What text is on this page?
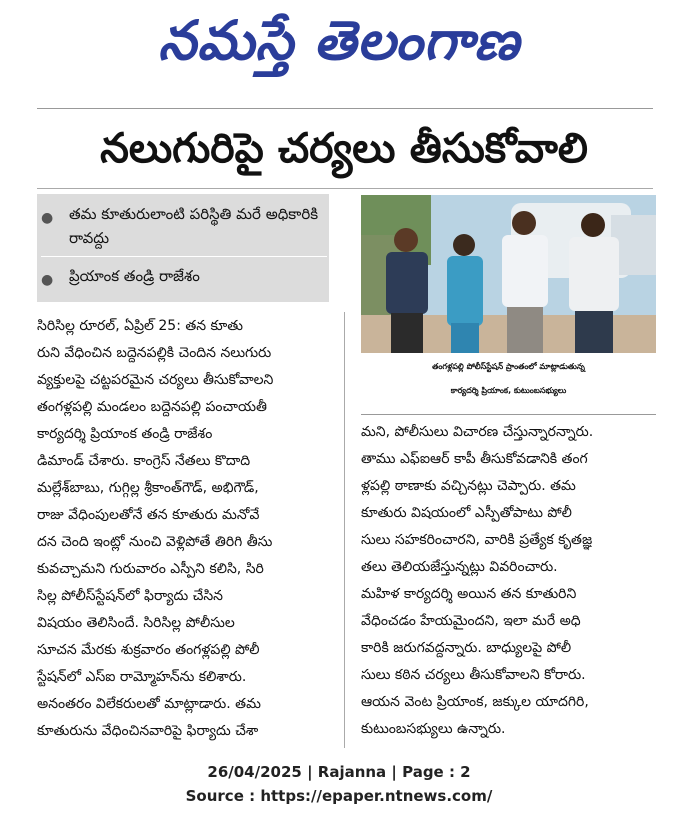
నమస్తే తెలంగాణ
నలుగురిపై చర్యలు తీసుకోవాలి
● తమ కూతురులాంటి పరిస్థితి మరే అధికారికి రావద్దు
● ప్రియాంక తండ్రి రాజేశం
తంగళ్లపల్లి పోలీస్‌స్టేషన్ ప్రాంతంలో మాట్లాడుతున్న
కార్యదర్శి ప్రియాంక, కుటుంబసభ్యులు
సిరిసిల్ల రూరల్, ఏప్రిల్ 25: తన కూతు
రుని వేధించిన బద్దెనపల్లికి చెందిన నలుగురు
వ్యక్తులపై చట్టపరమైన చర్యలు తీసుకోవాలని
తంగళ్లపల్లి మండలం బద్దెనపల్లి పంచాయతీ
కార్యదర్శి ప్రియాంక తండ్రి రాజేశం
డిమాండ్ చేశారు. కాంగ్రెస్ నేతలు కొదాది
మల్లేశ్‌బాబు, గుగ్గిల్ల శ్రీకాంత్‌గౌడ్, అభిగౌడ్,
రాజు వేధింపులతోనే తన కూతురు మనోవే
దన చెంది ఇంట్లో నుంచి వెళ్లిపోతే తిరిగి తీసు
కువచ్చామని గురువారం ఎస్పీని కలిసి, సిరి
సిల్ల పోలీస్‌స్టేషన్‌లో ఫిర్యాదు చేసిన
విషయం తెలిసిందే. సిరిసిల్ల పోలీసుల
సూచన మేరకు శుక్రవారం తంగళ్లపల్లి పోలీ
స్టేషన్‌లో ఎస్ఐ రామ్మోహన్‌ను కలిశారు.
అనంతరం విలేకరులతో మాట్లాడారు. తమ
కూతురును వేధించినవారిపై ఫిర్యాదు చేశా
మని, పోలీసులు విచారణ చేస్తున్నారన్నారు.
తాము ఎఫ్ఐఆర్ కాపీ తీసుకోవడానికి తంగ
ళ్లపల్లి ఠాణాకు వచ్చినట్లు చెప్పారు. తమ
కూతురు విషయంలో ఎస్పీతోపాటు పోలీ
సులు సహకరించారని, వారికి ప్రత్యేక కృతజ్ఞ
తలు తెలియజేస్తున్నట్లు వివరించారు.
మహిళ కార్యదర్శి అయిన తన కూతురిని
వేధించడం హేయమైందని, ఇలా మరే అధి
కారికి జరుగవద్దన్నారు. బాధ్యులపై పోలీ
సులు కఠిన చర్యలు తీసుకోవాలని కోరారు.
ఆయన వెంట ప్రియాంక, జక్కుల యాదగిరి,
కుటుంబసభ్యులు ఉన్నారు.
26/04/2025 | Rajanna | Page : 2
Source : https://epaper.ntnews.com/
